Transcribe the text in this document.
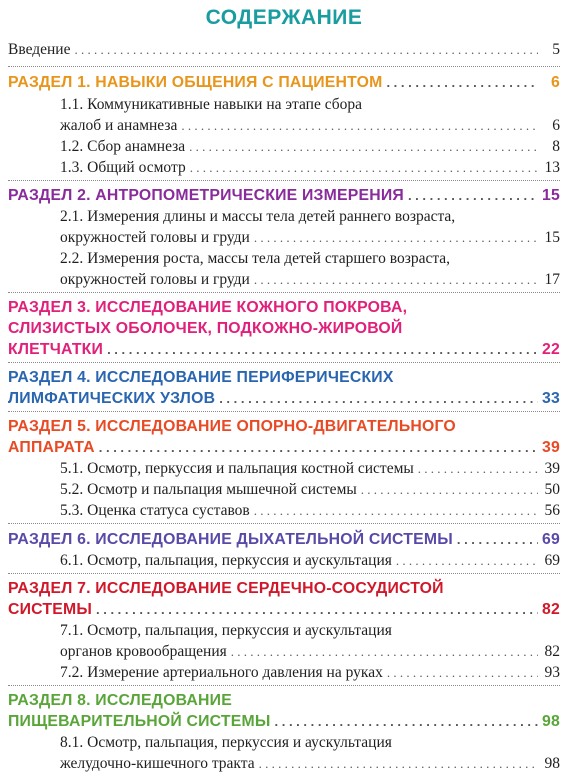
СОДЕРЖАНИЕ
Введение . . .	5
РАЗДЕЛ 1. НАВЫКИ ОБЩЕНИЯ С ПАЦИЕНТОМ . . .	6
1.1. Коммуникативные навыки на этапе сбора
жалоб и анамнеза . . .	6
1.2. Сбор анамнеза . . .	8
1.3. Общий осмотр . . .	13
РАЗДЕЛ 2. АНТРОПОМЕТРИЧЕСКИЕ ИЗМЕРЕНИЯ . . .	15
2.1. Измерения длины и массы тела детей раннего возраста,
окружностей головы и груди . . .	15
2.2. Измерения роста, массы тела детей старшего возраста,
окружностей головы и груди . . .	17
РАЗДЕЛ 3. ИССЛЕДОВАНИЕ КОЖНОГО ПОКРОВА,
СЛИЗИСТЫХ ОБОЛОЧЕК, ПОДКОЖНО-ЖИРОВОЙ
КЛЕТЧАТКИ . . .	22
РАЗДЕЛ 4. ИССЛЕДОВАНИЕ ПЕРИФЕРИЧЕСКИХ
ЛИМФАТИЧЕСКИХ УЗЛОВ . . .	33
РАЗДЕЛ 5. ИССЛЕДОВАНИЕ ОПОРНО-ДВИГАТЕЛЬНОГО
АППАРАТА . . .	39
5.1. Осмотр, перкуссия и пальпация костной системы . . .	39
5.2. Осмотр и пальпация мышечной системы . . .	50
5.3. Оценка статуса суставов . . .	56
РАЗДЕЛ 6. ИССЛЕДОВАНИЕ ДЫХАТЕЛЬНОЙ СИСТЕМЫ . . .	69
6.1. Осмотр, пальпация, перкуссия и аускультация . . .	69
РАЗДЕЛ 7. ИССЛЕДОВАНИЕ СЕРДЕЧНО-СОСУДИСТОЙ
СИСТЕМЫ . . .	82
7.1. Осмотр, пальпация, перкуссия и аускультация
органов кровообращения . . .	82
7.2. Измерение артериального давления на руках . . .	93
РАЗДЕЛ 8. ИССЛЕДОВАНИЕ
ПИЩЕВАРИТЕЛЬНОЙ СИСТЕМЫ . . .	98
8.1. Осмотр, пальпация, перкуссия и аускультация
желудочно-кишечного тракта . . .	98
